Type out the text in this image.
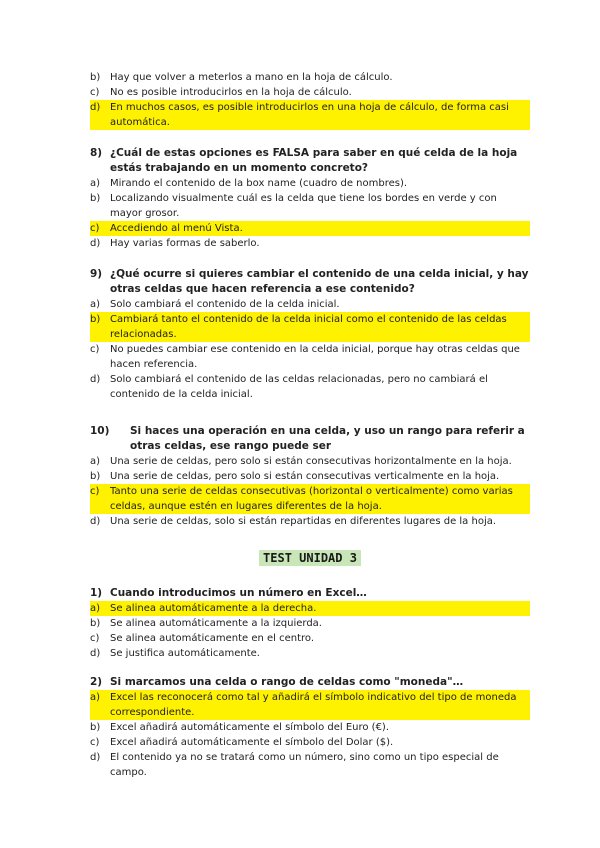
b) Hay que volver a meterlos a mano en la hoja de cálculo.
c)	No es posible introducirlos en la hoja de cálculo.
d) En muchos casos, es posible introducirlos en una hoja de cálculo, de forma casi automática.
8) ¿Cuál de estas opciones es FALSA para saber en qué celda de la hoja estás trabajando en un momento concreto?
a) Mirando el contenido de la box name (cuadro de nombres).
b) Localizando visualmente cuál es la celda que tiene los bordes en verde y con mayor grosor.
c)	Accediendo al menú Vista.
d) Hay varias formas de saberlo.
9) ¿Qué ocurre si quieres cambiar el contenido de una celda inicial, y hay otras celdas que hacen referencia a ese contenido?
a) Solo cambiará el contenido de la celda inicial.
b) Cambiará tanto el contenido de la celda inicial como el contenido de las celdas relacionadas.
c)	No puedes cambiar ese contenido en la celda inicial, porque hay otras celdas que hacen referencia.
d) Solo cambiará el contenido de las celdas relacionadas, pero no cambiará el contenido de la celda inicial.
10)	Si haces una operación en una celda, y uso un rango para referir a otras celdas, ese rango puede ser
a) Una serie de celdas, pero solo si están consecutivas horizontalmente en la hoja.
b) Una serie de celdas, pero solo si están consecutivas verticalmente en la hoja.
c)	Tanto una serie de celdas consecutivas (horizontal o verticalmente) como varias celdas, aunque estén en lugares diferentes de la hoja.
d) Una serie de celdas, solo si están repartidas en diferentes lugares de la hoja.
TEST UNIDAD 3
1) Cuando introducimos un número en Excel…
a) Se alinea automáticamente a la derecha.
b) Se alinea automáticamente a la izquierda.
c)	Se alinea automáticamente en el centro.
d) Se justifica automáticamente.
2) Si marcamos una celda o rango de celdas como "moneda"…
a) Excel las reconocerá como tal y añadirá el símbolo indicativo del tipo de moneda correspondiente.
b) Excel añadirá automáticamente el símbolo del Euro (€).
c)	Excel añadirá automáticamente el símbolo del Dolar ($).
d) El contenido ya no se tratará como un número, sino como un tipo especial de campo.
